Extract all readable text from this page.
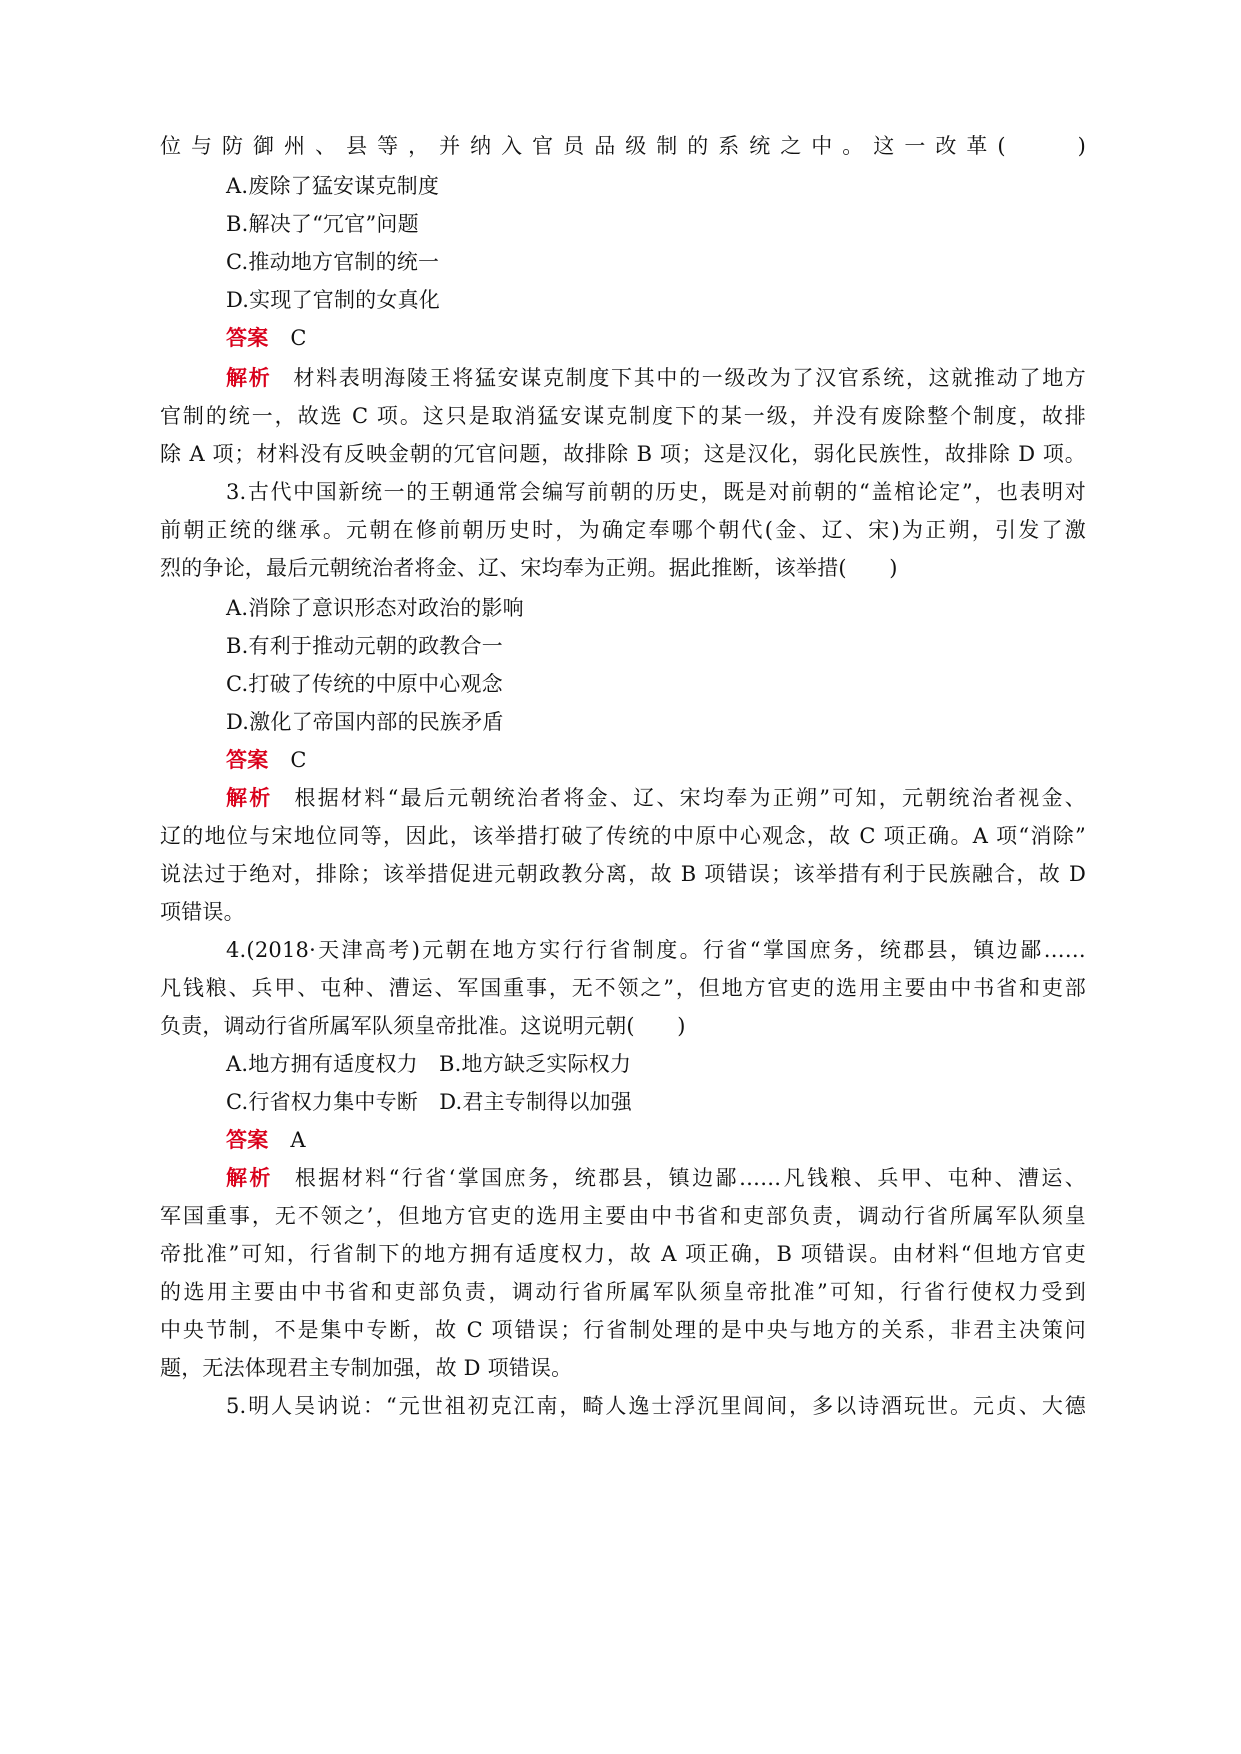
位与防御州、县等，并纳入官员品级制的系统之中。这一改革(　　)
A.废除了猛安谋克制度
B.解决了“冗官”问题
C.推动地方官制的统一
D.实现了官制的女真化
答案 C
解析 材料表明海陵王将猛安谋克制度下其中的一级改为了汉官系统，这就推动了地方
官制的统一，故选 C 项。这只是取消猛安谋克制度下的某一级，并没有废除整个制度，故排
除 A 项；材料没有反映金朝的冗官问题，故排除 B 项；这是汉化，弱化民族性，故排除 D 项。
3.古代中国新统一的王朝通常会编写前朝的历史，既是对前朝的“盖棺论定”，也表明对
前朝正统的继承。元朝在修前朝历史时，为确定奉哪个朝代(金、辽、宋)为正朔，引发了激
烈的争论，最后元朝统治者将金、辽、宋均奉为正朔。据此推断，该举措(　　)
A.消除了意识形态对政治的影响
B.有利于推动元朝的政教合一
C.打破了传统的中原中心观念
D.激化了帝国内部的民族矛盾
答案 C
解析 根据材料“最后元朝统治者将金、辽、宋均奉为正朔”可知，元朝统治者视金、
辽的地位与宋地位同等，因此，该举措打破了传统的中原中心观念，故 C 项正确。A 项“消除”
说法过于绝对，排除；该举措促进元朝政教分离，故 B 项错误；该举措有利于民族融合，故 D
项错误。
4.(2018·天津高考)元朝在地方实行行省制度。行省“掌国庶务，统郡县，镇边鄙……
凡钱粮、兵甲、屯种、漕运、军国重事，无不领之”，但地方官吏的选用主要由中书省和吏部
负责，调动行省所属军队须皇帝批准。这说明元朝(　　)
A.地方拥有适度权力　B.地方缺乏实际权力
C.行省权力集中专断　D.君主专制得以加强
答案 A
解析 根据材料“行省‘掌国庶务，统郡县，镇边鄙……凡钱粮、兵甲、屯种、漕运、
军国重事，无不领之’，但地方官吏的选用主要由中书省和吏部负责，调动行省所属军队须皇
帝批准”可知，行省制下的地方拥有适度权力，故 A 项正确，B 项错误。由材料“但地方官吏
的选用主要由中书省和吏部负责，调动行省所属军队须皇帝批准”可知，行省行使权力受到
中央节制，不是集中专断，故 C 项错误；行省制处理的是中央与地方的关系，非君主决策问
题，无法体现君主专制加强，故 D 项错误。
5.明人吴讷说：“元世祖初克江南，畸人逸士浮沉里闾间，多以诗酒玩世。元贞、大德
